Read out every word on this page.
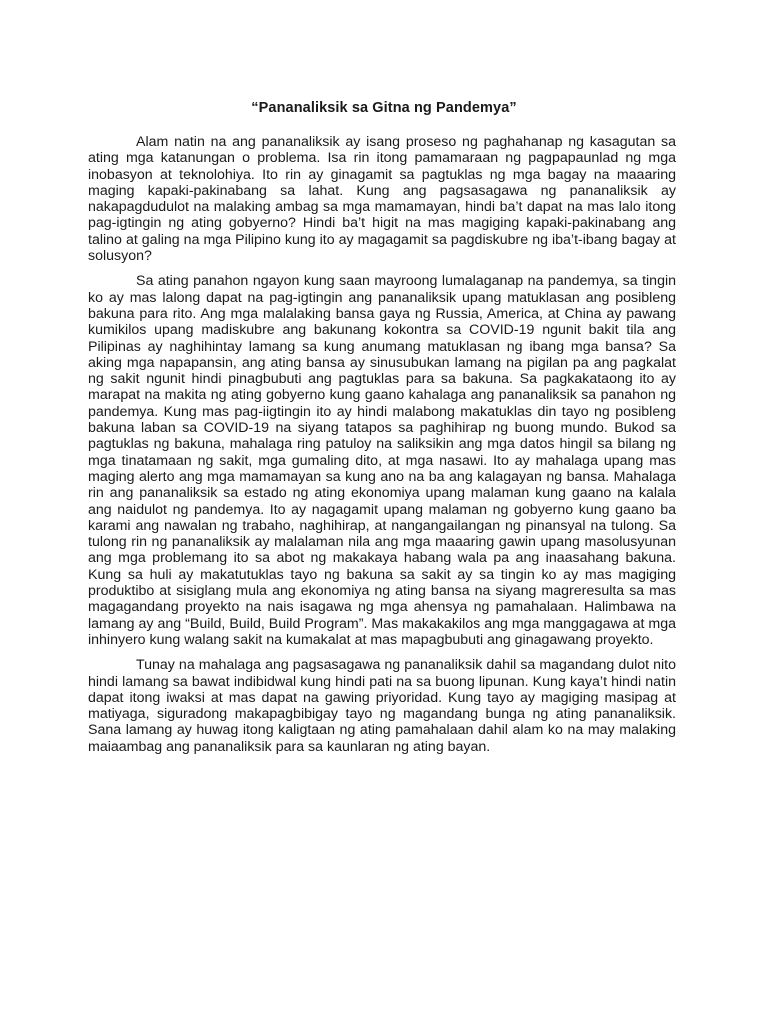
“Pananaliksik sa Gitna ng Pandemya”

Alam natin na ang pananaliksik ay isang proseso ng paghahanap ng kasagutan sa ating mga katanungan o problema. Isa rin itong pamamaraan ng pagpapaunlad ng mga inobasyon at teknolohiya. Ito rin ay ginagamit sa pagtuklas ng mga bagay na maaaring maging kapaki-pakinabang sa lahat. Kung ang pagsasagawa ng pananaliksik ay nakapagdudulot na malaking ambag sa mga mamamayan, hindi ba’t dapat na mas lalo itong pag-igtingin ng ating gobyerno? Hindi ba’t higit na mas magiging kapaki-pakinabang ang talino at galing na mga Pilipino kung ito ay magagamit sa pagdiskubre ng iba’t-ibang bagay at solusyon?

Sa ating panahon ngayon kung saan mayroong lumalaganap na pandemya, sa tingin ko ay mas lalong dapat na pag-igtingin ang pananaliksik upang matuklasan ang posibleng bakuna para rito. Ang mga malalaking bansa gaya ng Russia, America, at China ay pawang kumikilos upang madiskubre ang bakunang kokontra sa COVID-19 ngunit bakit tila ang Pilipinas ay naghihintay lamang sa kung anumang matuklasan ng ibang mga bansa? Sa aking mga napapansin, ang ating bansa ay sinusubukan lamang na pigilan pa ang pagkalat ng sakit ngunit hindi pinagbubuti ang pagtuklas para sa bakuna. Sa pagkakataong ito ay marapat na makita ng ating gobyerno kung gaano kahalaga ang pananaliksik sa panahon ng pandemya. Kung mas pag-iigtingin ito ay hindi malabong makatuklas din tayo ng posibleng bakuna laban sa COVID-19 na siyang tatapos sa paghihirap ng buong mundo. Bukod sa pagtuklas ng bakuna, mahalaga ring patuloy na saliksikin ang mga datos hingil sa bilang ng mga tinatamaan ng sakit, mga gumaling dito, at mga nasawi. Ito ay mahalaga upang mas maging alerto ang mga mamamayan sa kung ano na ba ang kalagayan ng bansa. Mahalaga rin ang pananaliksik sa estado ng ating ekonomiya upang malaman kung gaano na kalala ang naidulot ng pandemya. Ito ay nagagamit upang malaman ng gobyerno kung gaano ba karami ang nawalan ng trabaho, naghihirap, at nangangailangan ng pinansyal na tulong. Sa tulong rin ng pananaliksik ay malalaman nila ang mga maaaring gawin upang masolusyunan ang mga problemang ito sa abot ng makakaya habang wala pa ang inaasahang bakuna. Kung sa huli ay makatutuklas tayo ng bakuna sa sakit ay sa tingin ko ay mas magiging produktibo at sisiglang mula ang ekonomiya ng ating bansa na siyang magreresulta sa mas magagandang proyekto na nais isagawa ng mga ahensya ng pamahalaan. Halimbawa na lamang ay ang “Build, Build, Build Program”. Mas makakakilos ang mga manggagawa at mga inhinyero kung walang sakit na kumakalat at mas mapagbubuti ang ginagawang proyekto.

Tunay na mahalaga ang pagsasagawa ng pananaliksik dahil sa magandang dulot nito hindi lamang sa bawat indibidwal kung hindi pati na sa buong lipunan. Kung kaya’t hindi natin dapat itong iwaksi at mas dapat na gawing priyoridad. Kung tayo ay magiging masipag at matiyaga, siguradong makapagbibigay tayo ng magandang bunga ng ating pananaliksik. Sana lamang ay huwag itong kaligtaan ng ating pamahalaan dahil alam ko na may malaking maiaambag ang pananaliksik para sa kaunlaran ng ating bayan.
